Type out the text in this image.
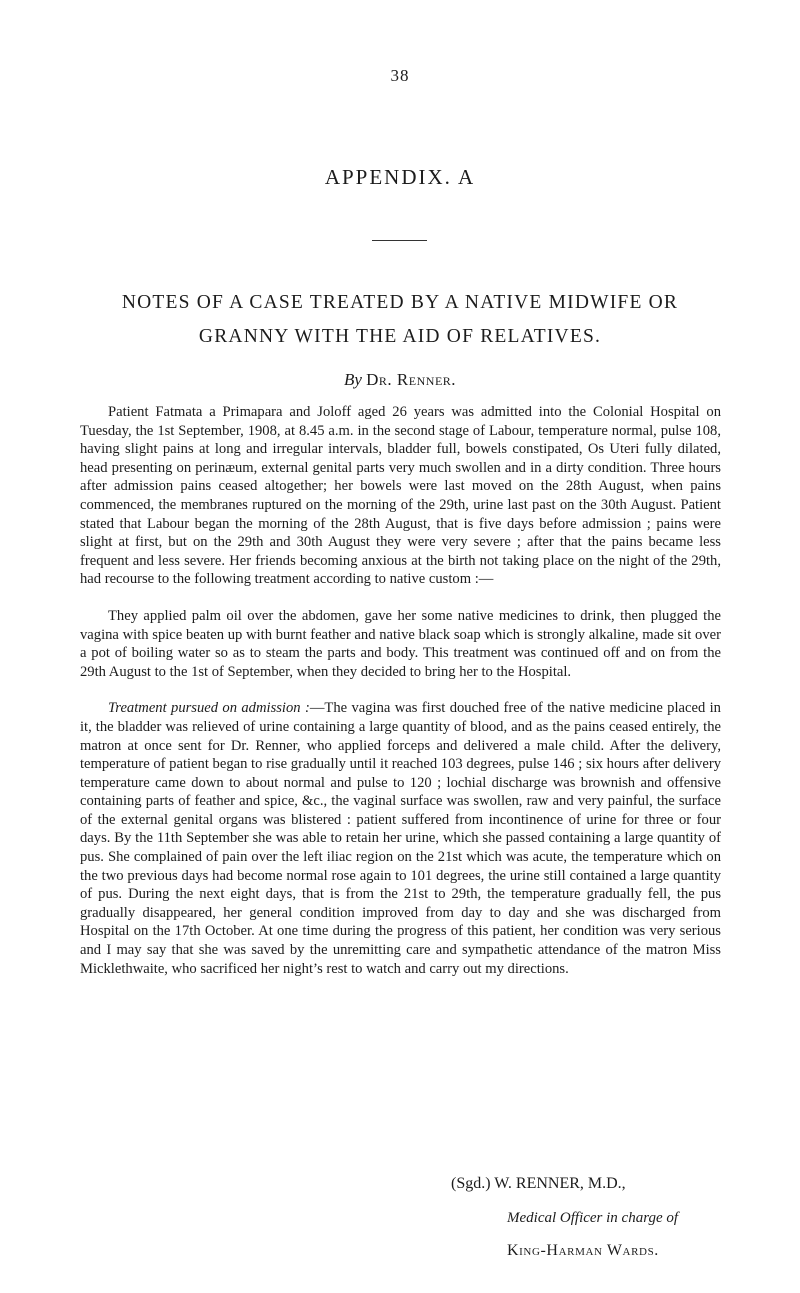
38
APPENDIX. A
NOTES OF A CASE TREATED BY A NATIVE MIDWIFE OR GRANNY WITH THE AID OF RELATIVES.
By Dr. Renner.

Patient Fatmata a Primapara and Joloff aged 26 years was admitted into the Colonial Hospital on Tuesday, the 1st September, 1908, at 8.45 a.m. in the second stage of Labour, temperature normal, pulse 108, having slight pains at long and irregular intervals, bladder full, bowels constipated, Os Uteri fully dilated, head presenting on perinæum, external genital parts very much swollen and in a dirty condition. Three hours after admission pains ceased altogether; her bowels were last moved on the 28th August, when pains commenced, the membranes ruptured on the morning of the 29th, urine last past on the 30th August. Patient stated that Labour began the morning of the 28th August, that is five days before admission ; pains were slight at first, but on the 29th and 30th August they were very severe ; after that the pains became less frequent and less severe. Her friends becoming anxious at the birth not taking place on the night of the 29th, had recourse to the following treatment according to native custom :—

They applied palm oil over the abdomen, gave her some native medicines to drink, then plugged the vagina with spice beaten up with burnt feather and native black soap which is strongly alkaline, made sit over a pot of boiling water so as to steam the parts and body. This treatment was continued off and on from the 29th August to the 1st of September, when they decided to bring her to the Hospital.

Treatment pursued on admission :—The vagina was first douched free of the native medicine placed in it, the bladder was relieved of urine containing a large quantity of blood, and as the pains ceased entirely, the matron at once sent for Dr. Renner, who applied forceps and delivered a male child. After the delivery, temperature of patient began to rise gradually until it reached 103 degrees, pulse 146 ; six hours after delivery temperature came down to about normal and pulse to 120 ; lochial discharge was brownish and offensive containing parts of feather and spice, &c., the vaginal surface was swollen, raw and very painful, the surface of the external genital organs was blistered : patient suffered from incontinence of urine for three or four days. By the 11th September she was able to retain her urine, which she passed containing a large quantity of pus. She complained of pain over the left iliac region on the 21st which was acute, the temperature which on the two previous days had become normal rose again to 101 degrees, the urine still contained a large quantity of pus. During the next eight days, that is from the 21st to 29th, the temperature gradually fell, the pus gradually disappeared, her general condition improved from day to day and she was discharged from Hospital on the 17th October. At one time during the progress of this patient, her condition was very serious and I may say that she was saved by the unremitting care and sympathetic attendance of the matron Miss Micklethwaite, who sacrificed her night’s rest to watch and carry out my directions.

(Sgd.) W. RENNER, M.D.,
Medical Officer in charge of
King-Harman Wards.
